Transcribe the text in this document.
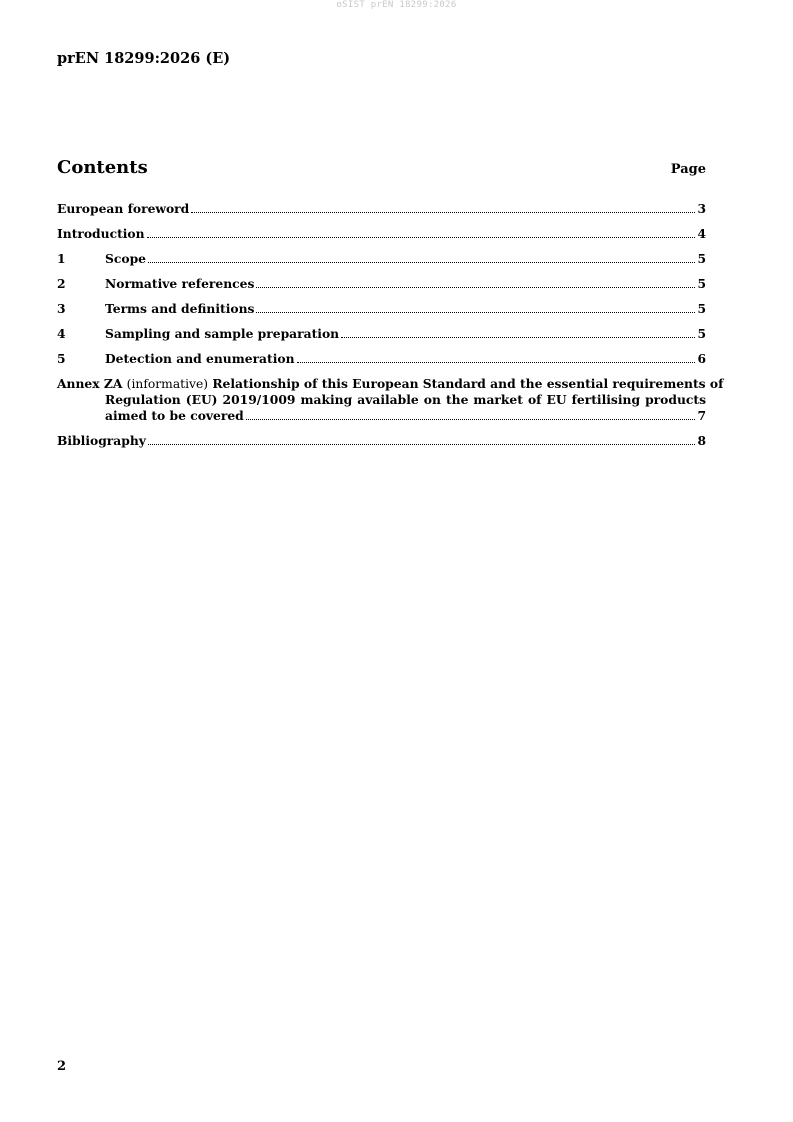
oSIST prEN 18299:2026
prEN 18299:2026 (E)
Contents	Page
European foreword	3
Introduction	4
1	Scope	5
2	Normative references	5
3	Terms and definitions	5
4	Sampling and sample preparation	5
5	Detection and enumeration	6
Annex ZA (informative) Relationship of this European Standard and the essential requirements of
Regulation (EU) 2019/1009 making available on the market of EU fertilising products
aimed to be covered	7
Bibliography	8
2
